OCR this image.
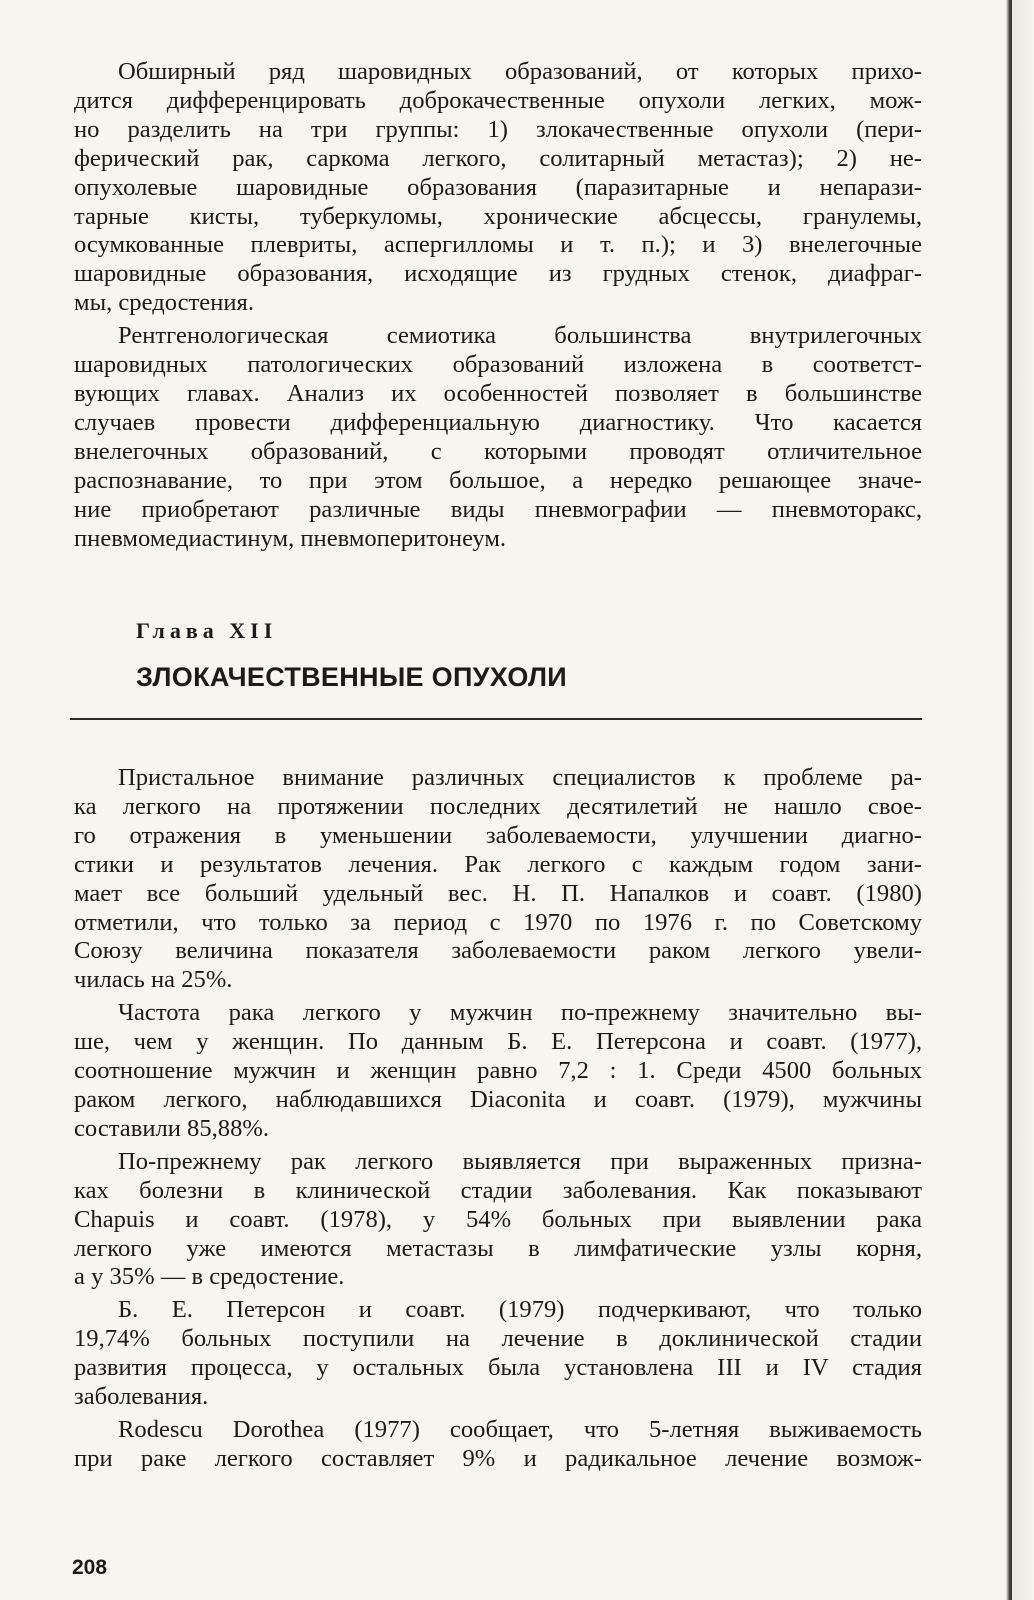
Обширный ряд шаровидных образований, от которых прихо-
дится дифференцировать доброкачественные опухоли легких, мож-
но разделить на три группы: 1) злокачественные опухоли (пери-
ферический рак, саркома легкого, солитарный метастаз); 2) не-
опухолевые шаровидные образования (паразитарные и непарази-
тарные кисты, туберкуломы, хронические абсцессы, гранулемы,
осумкованные плевриты, аспергилломы и т. п.); и 3) внелегочные
шаровидные образования, исходящие из грудных стенок, диафраг-
мы, средостения.
Рентгенологическая семиотика большинства внутрилегочных
шаровидных патологических образований изложена в соответст-
вующих главах. Анализ их особенностей позволяет в большинстве
случаев провести дифференциальную диагностику. Что касается
внелегочных образований, с которыми проводят отличительное
распознавание, то при этом большое, а нередко решающее значе-
ние приобретают различные виды пневмографии — пневмоторакс,
пневмомедиастинум, пневмоперитонеум.
Глава XII
ЗЛОКАЧЕСТВЕННЫЕ ОПУХОЛИ
Пристальное внимание различных специалистов к проблеме ра-
ка легкого на протяжении последних десятилетий не нашло свое-
го отражения в уменьшении заболеваемости, улучшении диагно-
стики и результатов лечения. Рак легкого с каждым годом зани-
мает все больший удельный вес. Н. П. Напалков и соавт. (1980)
отметили, что только за период с 1970 по 1976 г. по Советскому
Союзу величина показателя заболеваемости раком легкого увели-
чилась на 25%.
Частота рака легкого у мужчин по-прежнему значительно вы-
ше, чем у женщин. По данным Б. Е. Петерсона и соавт. (1977),
соотношение мужчин и женщин равно 7,2 : 1. Среди 4500 больных
раком легкого, наблюдавшихся Diaconita и соавт. (1979), мужчины
составили 85,88%.
По-прежнему рак легкого выявляется при выраженных призна-
ках болезни в клинической стадии заболевания. Как показывают
Chapuis и соавт. (1978), у 54% больных при выявлении рака
легкого уже имеются метастазы в лимфатические узлы корня,
а у 35% — в средостение.
Б. Е. Петерсон и соавт. (1979) подчеркивают, что только
19,74% больных поступили на лечение в доклинической стадии
развития процесса, у остальных была установлена III и IV стадия
заболевания.
Rodescu Dorothea (1977) сообщает, что 5-летняя выживаемость
при раке легкого составляет 9% и радикальное лечение возмож-
208
